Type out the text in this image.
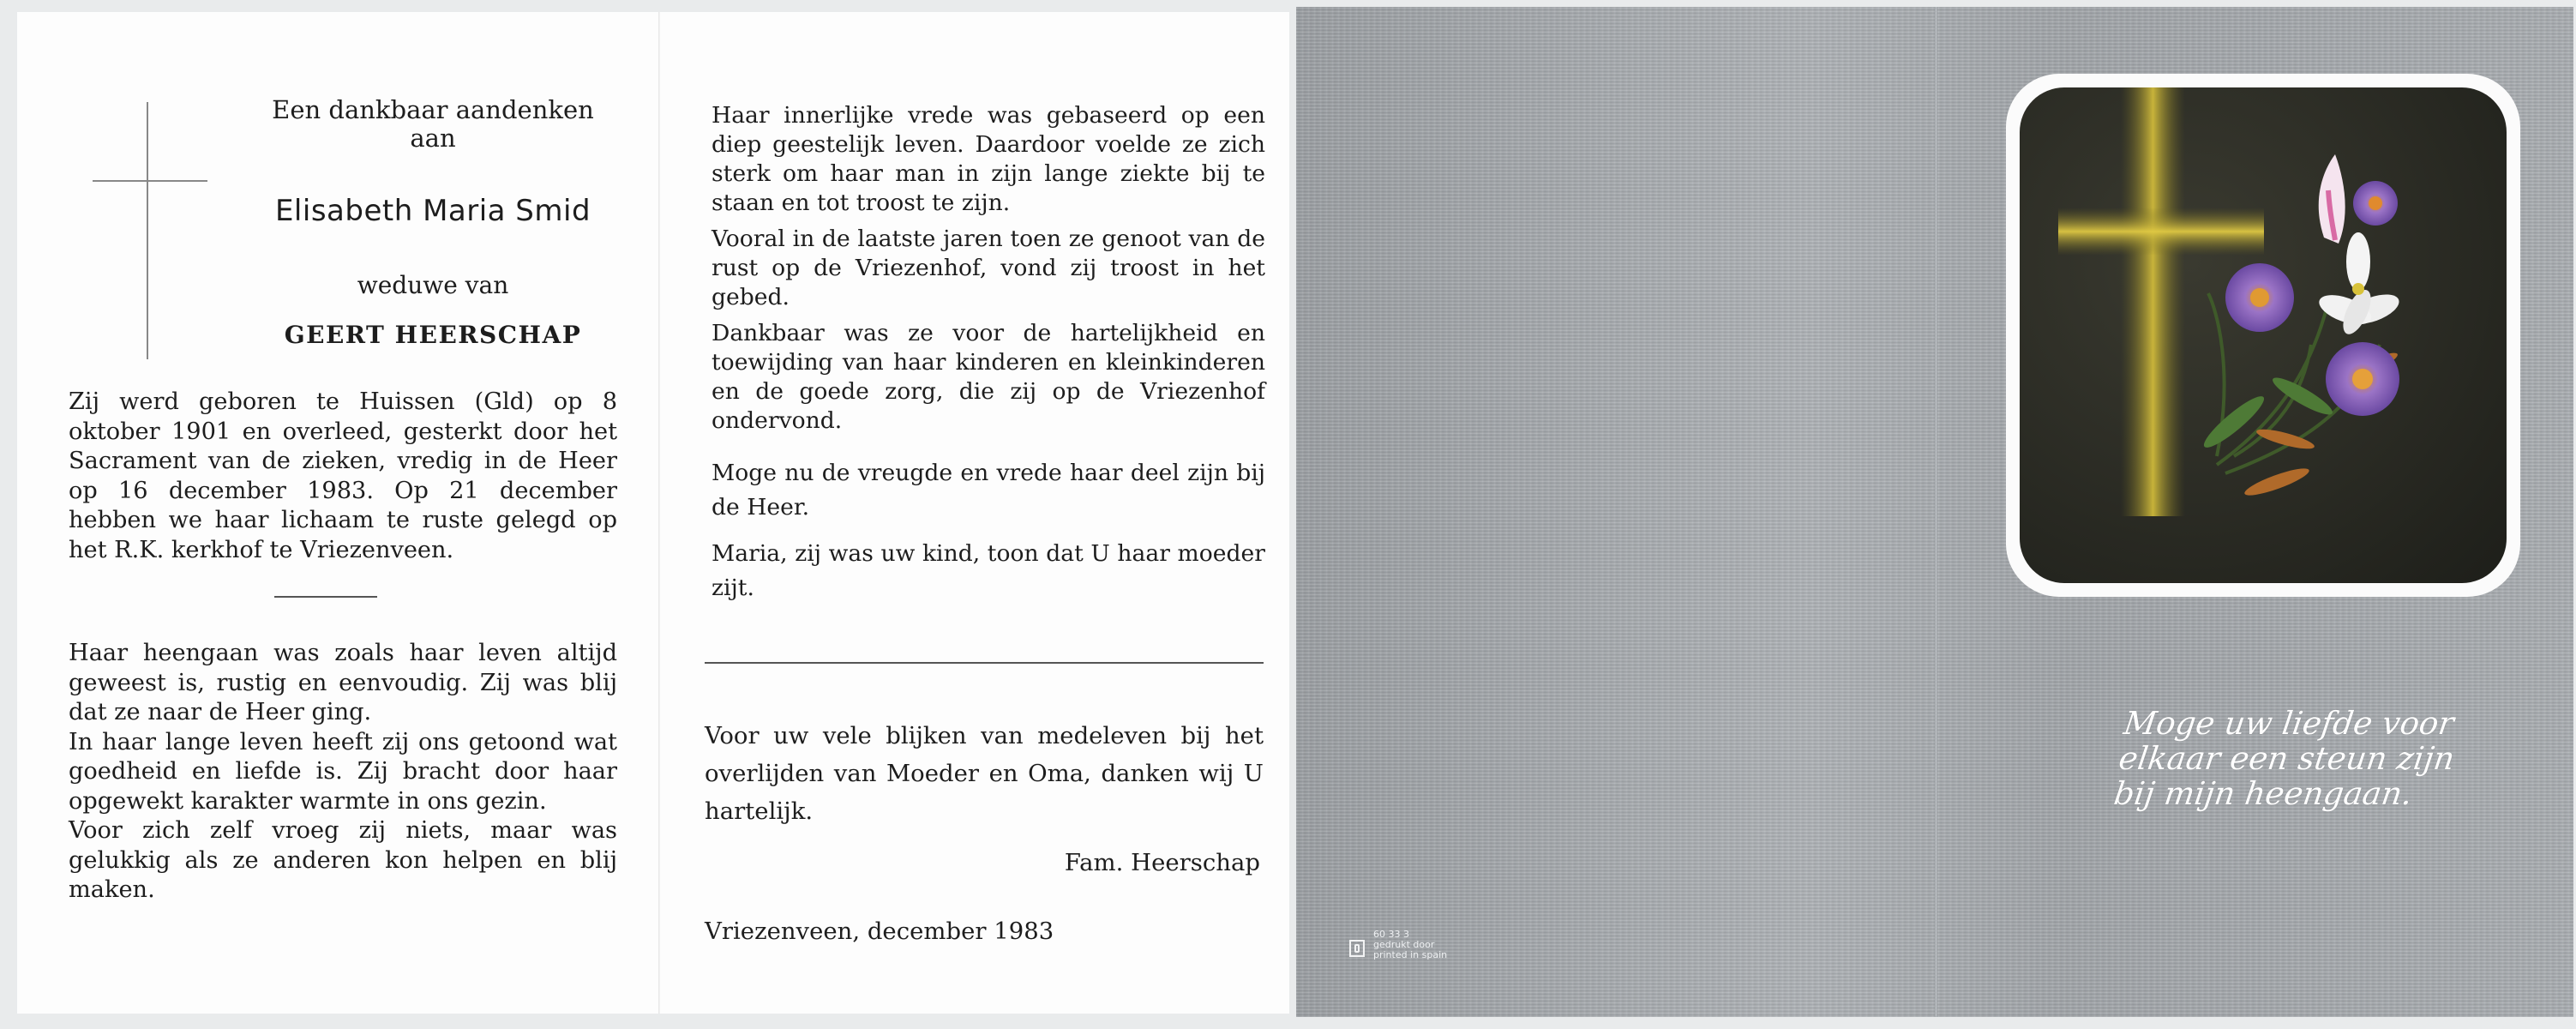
Een dankbaar aandenken
aan
Elisabeth Maria Smid
weduwe van
GEERT HEERSCHAP

Zij werd geboren te Huissen (Gld) op 8 oktober 1901 en overleed, gesterkt door het Sacrament van de zieken, vredig in de Heer op 16 december 1983. Op 21 december hebben we haar lichaam te ruste gelegd op het R.K. kerkhof te Vriezenveen.

Haar heengaan was zoals haar leven altijd geweest is, rustig en eenvoudig. Zij was blij dat ze naar de Heer ging.
In haar lange leven heeft zij ons getoond wat goedheid en liefde is. Zij bracht door haar opgewekt karakter warmte in ons gezin.
Voor zich zelf vroeg zij niets, maar was gelukkig als ze anderen kon helpen en blij maken.
Haar innerlijke vrede was gebaseerd op een diep geestelijk leven. Daardoor voelde ze zich sterk om haar man in zijn lange ziekte bij te staan en tot troost te zijn.
Vooral in de laatste jaren toen ze genoot van de rust op de Vriezenhof, vond zij troost in het gebed.
Dankbaar was ze voor de hartelijkheid en toewijding van haar kinderen en kleinkinderen en de goede zorg, die zij op de Vriezenhof ondervond.
Moge nu de vreugde en vrede haar deel zijn bij de Heer.
Maria, zij was uw kind, toon dat U haar moeder zijt.

Voor uw vele blijken van medeleven bij het overlijden van Moeder en Oma, danken wij U hartelijk.

Fam. Heerschap
Vriezenveen, december 1983
Moge uw liefde voor
elkaar een steun zijn
bij mijn heengaan.
60 33 3
gedrukt door
printed in spain
